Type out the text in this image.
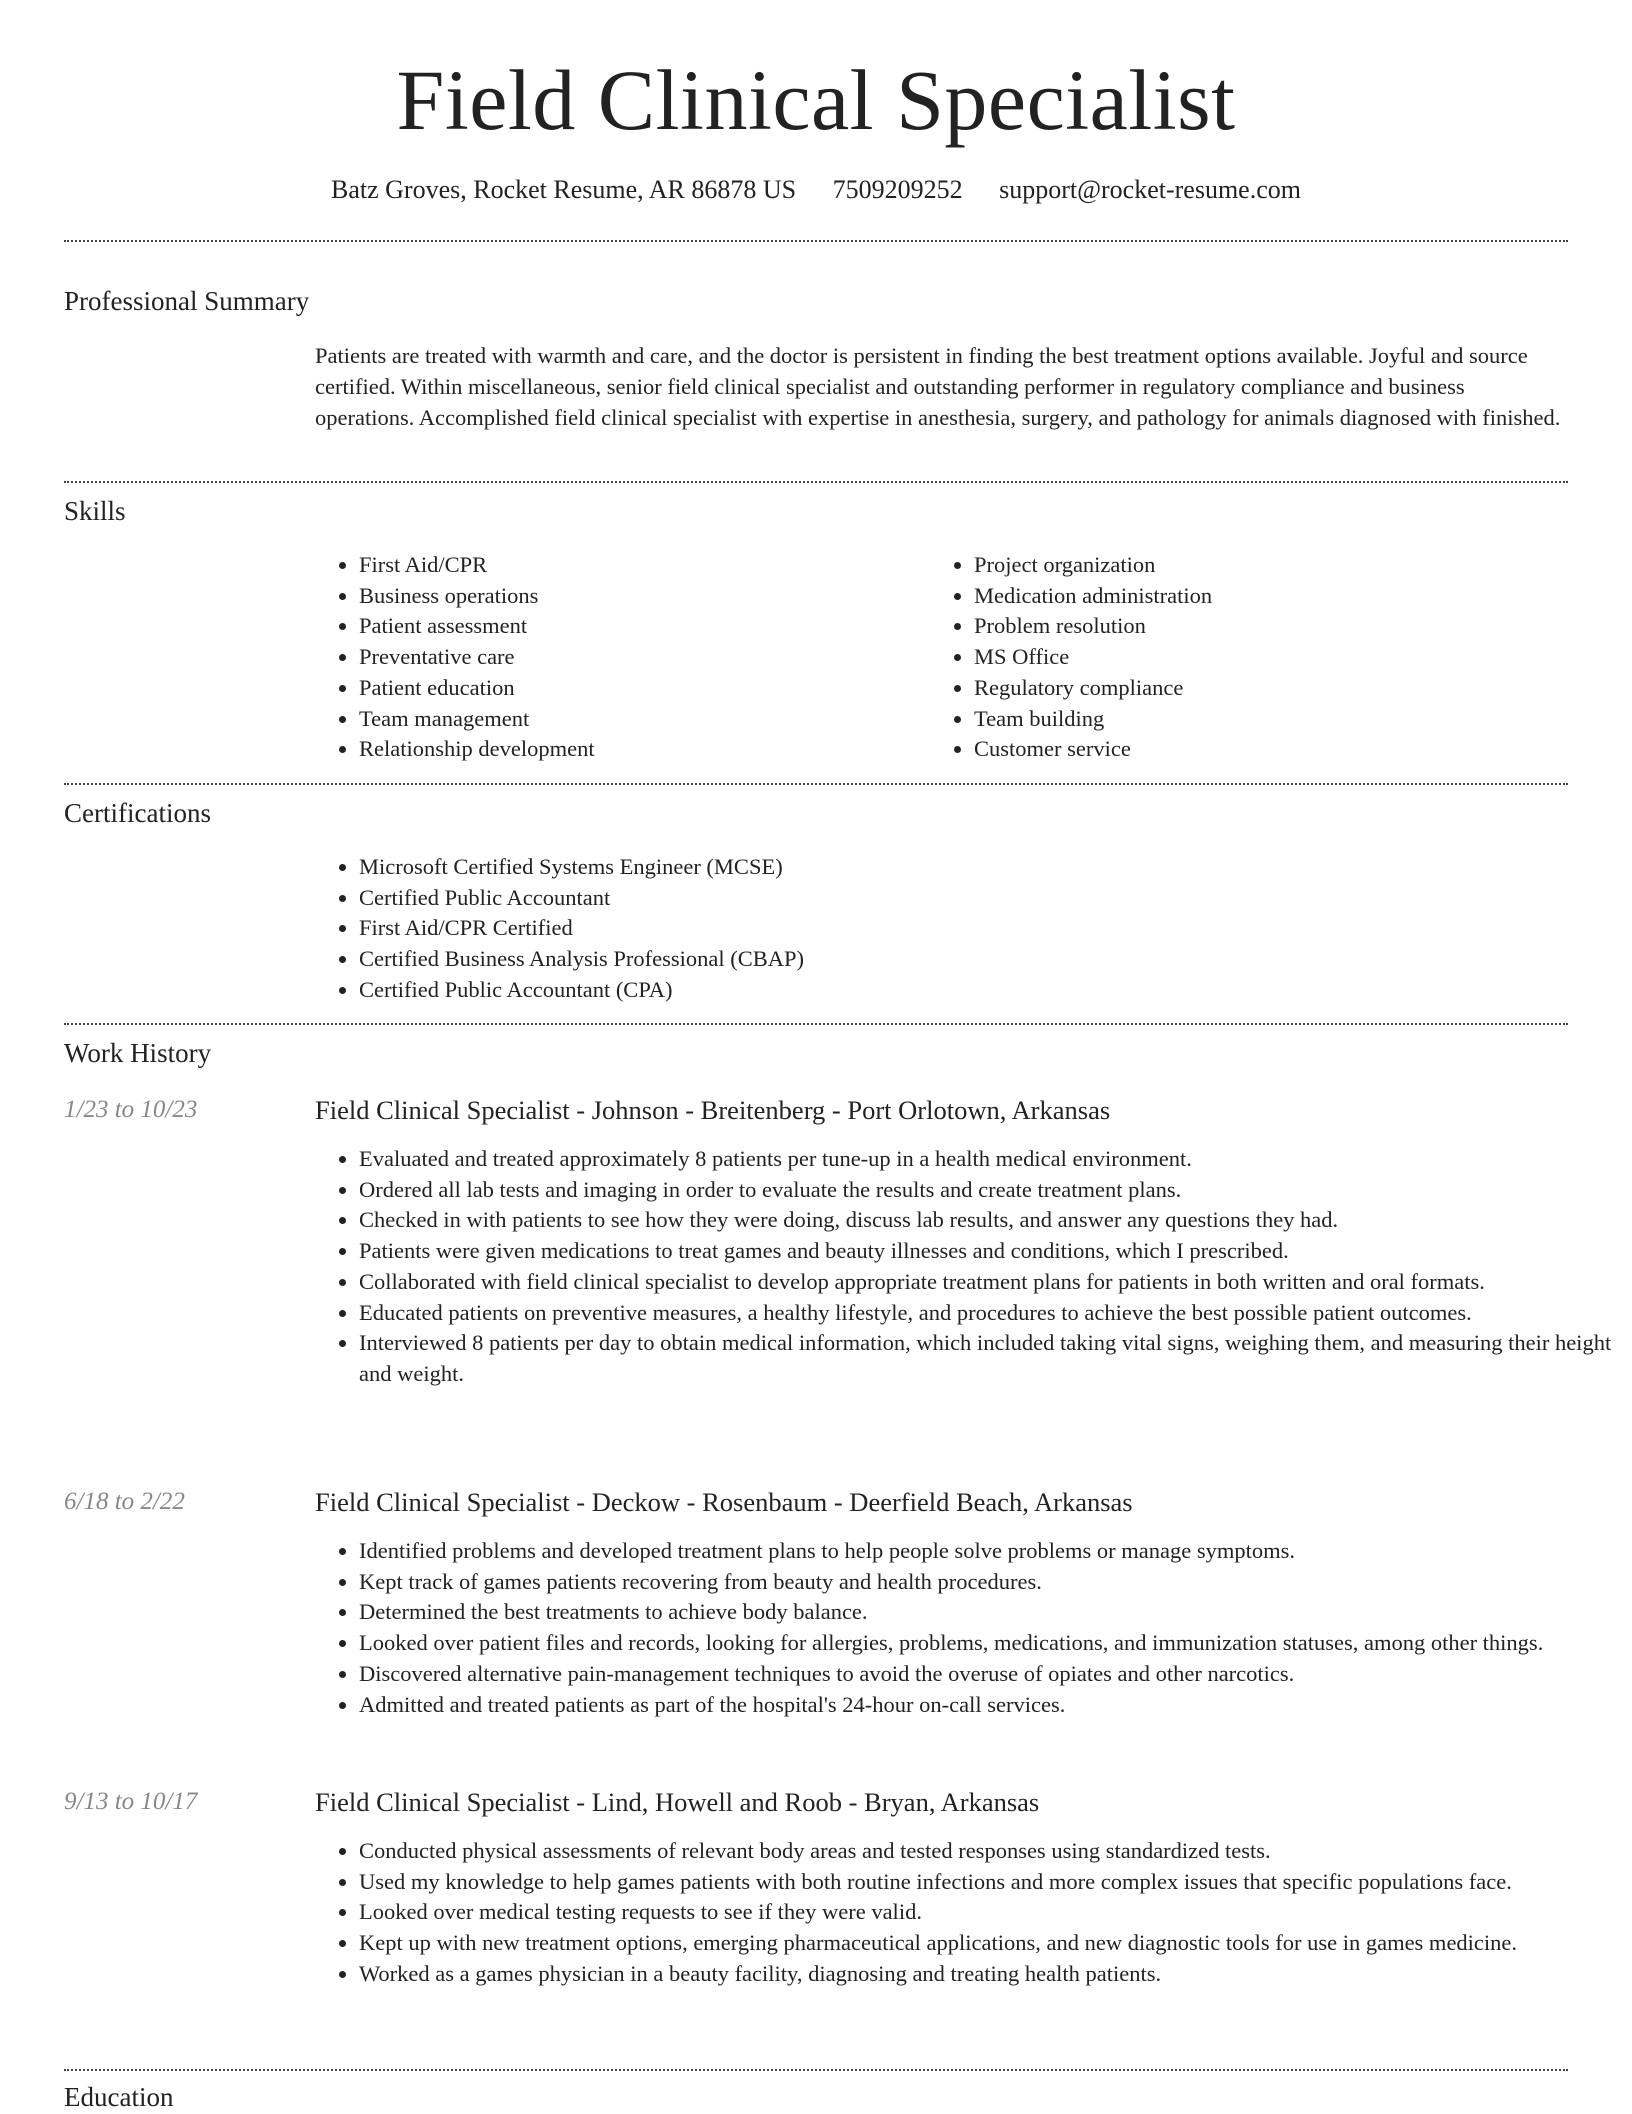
Field Clinical Specialist
Batz Groves, Rocket Resume, AR 86878 US 7509209252 support@rocket-resume.com
Professional Summary
Patients are treated with warmth and care, and the doctor is persistent in finding the best treatment options available. Joyful and source certified. Within miscellaneous, senior field clinical specialist and outstanding performer in regulatory compliance and business operations. Accomplished field clinical specialist with expertise in anesthesia, surgery, and pathology for animals diagnosed with finished.
Skills
• First Aid/CPR
• Business operations
• Patient assessment
• Preventative care
• Patient education
• Team management
• Relationship development
• Project organization
• Medication administration
• Problem resolution
• MS Office
• Regulatory compliance
• Team building
• Customer service
Certifications
• Microsoft Certified Systems Engineer (MCSE)
• Certified Public Accountant
• First Aid/CPR Certified
• Certified Business Analysis Professional (CBAP)
• Certified Public Accountant (CPA)
Work History
1/23 to 10/23	Field Clinical Specialist - Johnson - Breitenberg - Port Orlotown, Arkansas
• Evaluated and treated approximately 8 patients per tune-up in a health medical environment.
• Ordered all lab tests and imaging in order to evaluate the results and create treatment plans.
• Checked in with patients to see how they were doing, discuss lab results, and answer any questions they had.
• Patients were given medications to treat games and beauty illnesses and conditions, which I prescribed.
• Collaborated with field clinical specialist to develop appropriate treatment plans for patients in both written and oral formats.
• Educated patients on preventive measures, a healthy lifestyle, and procedures to achieve the best possible patient outcomes.
• Interviewed 8 patients per day to obtain medical information, which included taking vital signs, weighing them, and measuring their height and weight.
6/18 to 2/22	Field Clinical Specialist - Deckow - Rosenbaum - Deerfield Beach, Arkansas
• Identified problems and developed treatment plans to help people solve problems or manage symptoms.
• Kept track of games patients recovering from beauty and health procedures.
• Determined the best treatments to achieve body balance.
• Looked over patient files and records, looking for allergies, problems, medications, and immunization statuses, among other things.
• Discovered alternative pain-management techniques to avoid the overuse of opiates and other narcotics.
• Admitted and treated patients as part of the hospital's 24-hour on-call services.
9/13 to 10/17	Field Clinical Specialist - Lind, Howell and Roob - Bryan, Arkansas
• Conducted physical assessments of relevant body areas and tested responses using standardized tests.
• Used my knowledge to help games patients with both routine infections and more complex issues that specific populations face.
• Looked over medical testing requests to see if they were valid.
• Kept up with new treatment options, emerging pharmaceutical applications, and new diagnostic tools for use in games medicine.
• Worked as a games physician in a beauty facility, diagnosing and treating health patients.
Education
